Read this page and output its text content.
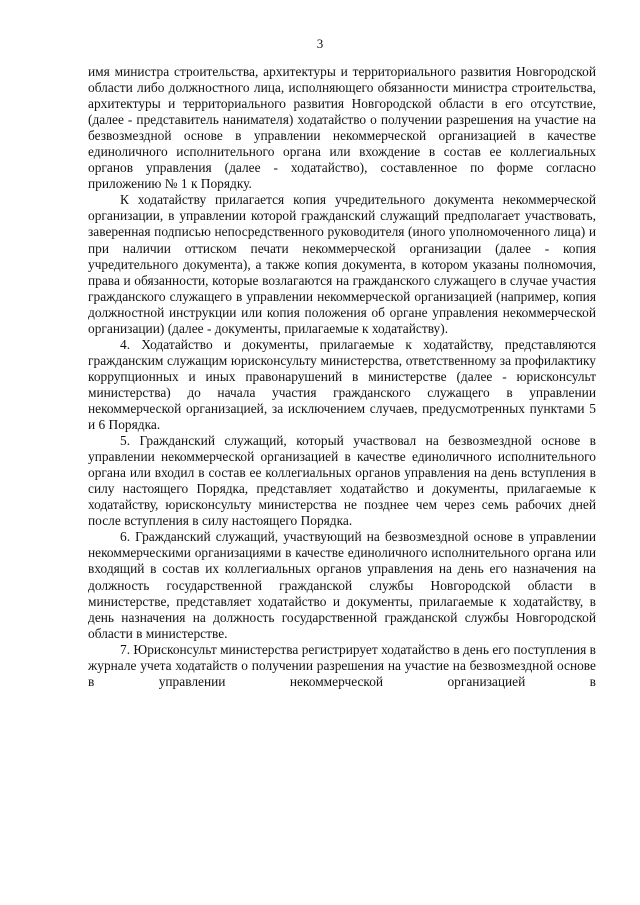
3

имя министра строительства, архитектуры и территориального развития Новгородской области либо должностного лица, исполняющего обязанности министра строительства, архитектуры и территориального развития Новгородской области в его отсутствие, (далее - представитель нанимателя) ходатайство о получении разрешения на участие на безвозмездной основе в управлении некоммерческой организацией в качестве единоличного исполнительного органа или вхождение в состав ее коллегиальных органов управления (далее - ходатайство), составленное по форме согласно приложению № 1 к Порядку.

К ходатайству прилагается копия учредительного документа некоммерческой организации, в управлении которой гражданский служащий предполагает участвовать, заверенная подписью непосредственного руководителя (иного уполномоченного лица) и при наличии оттиском печати некоммерческой организации (далее - копия учредительного документа), а также копия документа, в котором указаны полномочия, права и обязанности, которые возлагаются на гражданского служащего в случае участия гражданского служащего в управлении некоммерческой организацией (например, копия должностной инструкции или копия положения об органе управления некоммерческой организации) (далее - документы, прилагаемые к ходатайству).

4. Ходатайство и документы, прилагаемые к ходатайству, представляются гражданским служащим юрисконсульту министерства, ответственному за профилактику коррупционных и иных правонарушений в министерстве (далее - юрисконсульт министерства) до начала участия гражданского служащего в управлении некоммерческой организацией, за исключением случаев, предусмотренных пунктами 5 и 6 Порядка.

5. Гражданский служащий, который участвовал на безвозмездной основе в управлении некоммерческой организацией в качестве единоличного исполнительного органа или входил в состав ее коллегиальных органов управления на день вступления в силу настоящего Порядка, представляет ходатайство и документы, прилагаемые к ходатайству, юрисконсульту министерства не позднее чем через семь рабочих дней после вступления в силу настоящего Порядка.

6. Гражданский служащий, участвующий на безвозмездной основе в управлении некоммерческими организациями в качестве единоличного исполнительного органа или входящий в состав их коллегиальных органов управления на день его назначения на должность государственной гражданской службы Новгородской области в министерстве, представляет ходатайство и документы, прилагаемые к ходатайству, в день назначения на должность государственной гражданской службы Новгородской области в министерстве.

7. Юрисконсульт министерства регистрирует ходатайство в день его поступления в журнале учета ходатайств о получении разрешения на участие на безвозмездной основе в управлении некоммерческой организацией в
